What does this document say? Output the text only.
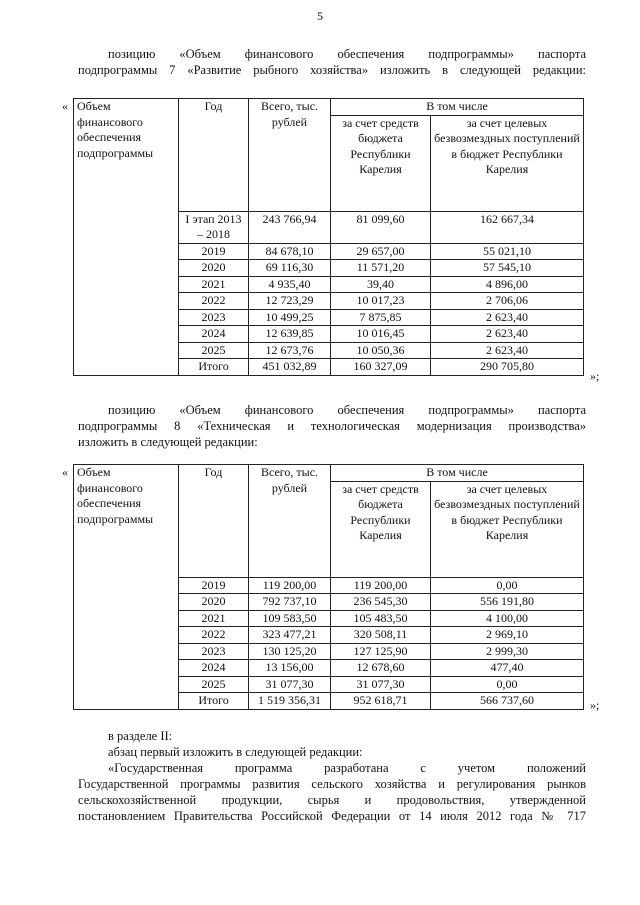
5
позицию «Объем финансового обеспечения подпрограммы» паспорта
подпрограммы 7 «Развитие рыбного хозяйства» изложить в следующей редакции:
« Объем финансового обеспечения подпрограммы	Год	Всего, тыс. рублей	В том числе	
			за счет средств бюджета Республики Карелия	за счет целевых безвозмездных поступлений в бюджет Республики Карелия
	I этап 2013 – 2018	243 766,94	81 099,60	162 667,34
	2019	84 678,10	29 657,00	55 021,10
	2020	69 116,30	11 571,20	57 545,10
	2021	4 935,40	39,40	4 896,00
	2022	12 723,29	10 017,23	2 706,06
	2023	10 499,25	7 875,85	2 623,40
	2024	12 639,85	10 016,45	2 623,40
	2025	12 673,76	10 050,36	2 623,40
	Итого	451 032,89	160 327,09	290 705,80
»;
позицию «Объем финансового обеспечения подпрограммы» паспорта
подпрограммы 8 «Техническая и технологическая модернизация производства»
изложить в следующей редакции:
« Объем финансового обеспечения подпрограммы	Год	Всего, тыс. рублей	В том числе	
			за счет средств бюджета Республики Карелия	за счет целевых безвозмездных поступлений в бюджет Республики Карелия
	2019	119 200,00	119 200,00	0,00
	2020	792 737,10	236 545,30	556 191,80
	2021	109 583,50	105 483,50	4 100,00
	2022	323 477,21	320 508,11	2 969,10
	2023	130 125,20	127 125,90	2 999,30
	2024	13 156,00	12 678,60	477,40
	2025	31 077,30	31 077,30	0,00
	Итого	1 519 356,31	952 618,71	566 737,60	»;
в разделе II:
абзац первый изложить в следующей редакции:
«Государственная программа разработана с учетом положений
Государственной программы развития сельского хозяйства и регулирования рынков
сельскохозяйственной продукции, сырья и продовольствия, утвержденной
постановлением Правительства Российской Федерации от 14 июля 2012 года № 717
